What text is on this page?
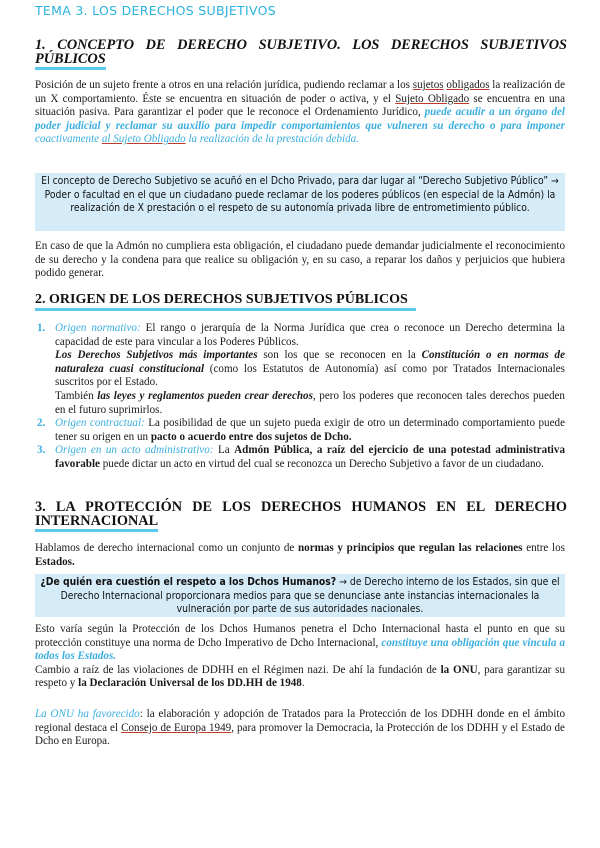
TEMA 3. LOS DERECHOS SUBJETIVOS
1. CONCEPTO DE DERECHO SUBJETIVO. LOS DERECHOS SUBJETIVOS
PÚBLICOS

Posición de un sujeto frente a otros en una relación jurídica, pudiendo reclamar a los sujetos obligados la realización de un X comportamiento. Éste se encuentra en situación de poder o activa, y el Sujeto Obligado se encuentra en una situación pasiva. Para garantizar el poder que le reconoce el Ordenamiento Jurídico, puede acudir a un órgano del poder judicial y reclamar su auxilio para impedir comportamientos que vulneren su derecho o para imponer coactivamente al Sujeto Obligado la realización de la prestación debida.

El concepto de Derecho Subjetivo se acuñó en el Dcho Privado, para dar lugar al “Derecho Subjetivo Público” → Poder o facultad en el que un ciudadano puede reclamar de los poderes públicos (en especial de la Admón) la realización de X prestación o el respeto de su autonomía privada libre de entrometimiento público.

En caso de que la Admón no cumpliera esta obligación, el ciudadano puede demandar judicialmente el reconocimiento de su derecho y la condena para que realice su obligación y, en su caso, a reparar los daños y perjuicios que hubiera podido generar.

2. ORIGEN DE LOS DERECHOS SUBJETIVOS PÚBLICOS
1. Origen normativo: El rango o jerarquía de la Norma Jurídica que crea o reconoce un Derecho determina la capacidad de este para vincular a los Poderes Públicos.
Los Derechos Subjetivos más importantes son los que se reconocen en la Constitución o en normas de naturaleza cuasi constitucional (como los Estatutos de Autonomía) así como por Tratados Internacionales suscritos por el Estado.
También las leyes y reglamentos pueden crear derechos, pero los poderes que reconocen tales derechos pueden en el futuro suprimirlos.
2. Origen contractual: La posibilidad de que un sujeto pueda exigir de otro un determinado comportamiento puede tener su origen en un pacto o acuerdo entre dos sujetos de Dcho.
3. Origen en un acto administrativo: La Admón Pública, a raíz del ejercicio de una potestad administrativa favorable puede dictar un acto en virtud del cual se reconozca un Derecho Subjetivo a favor de un ciudadano.
3. LA PROTECCIÓN DE LOS DERECHOS HUMANOS EN EL DERECHO
INTERNACIONAL

Hablamos de derecho internacional como un conjunto de normas y principios que regulan las relaciones entre los Estados.

¿De quién era cuestión el respeto a los Dchos Humanos? → de Derecho interno de los Estados, sin que el Derecho Internacional proporcionara medios para que se denunciase ante instancias internacionales la vulneración por parte de sus autoridades nacionales.

Esto varía según la Protección de los Dchos Humanos penetra el Dcho Internacional hasta el punto en que su protección constituye una norma de Dcho Imperativo de Dcho Internacional, constituye una obligación que vincula a todos los Estados.
Cambio a raíz de las violaciones de DDHH en el Régimen nazi. De ahí la fundación de la ONU, para garantizar su respeto y la Declaración Universal de los DD.HH de 1948.

La ONU ha favorecido: la elaboración y adopción de Tratados para la Protección de los DDHH donde en el ámbito regional destaca el Consejo de Europa 1949, para promover la Democracia, la Protección de los DDHH y el Estado de Dcho en Europa.
